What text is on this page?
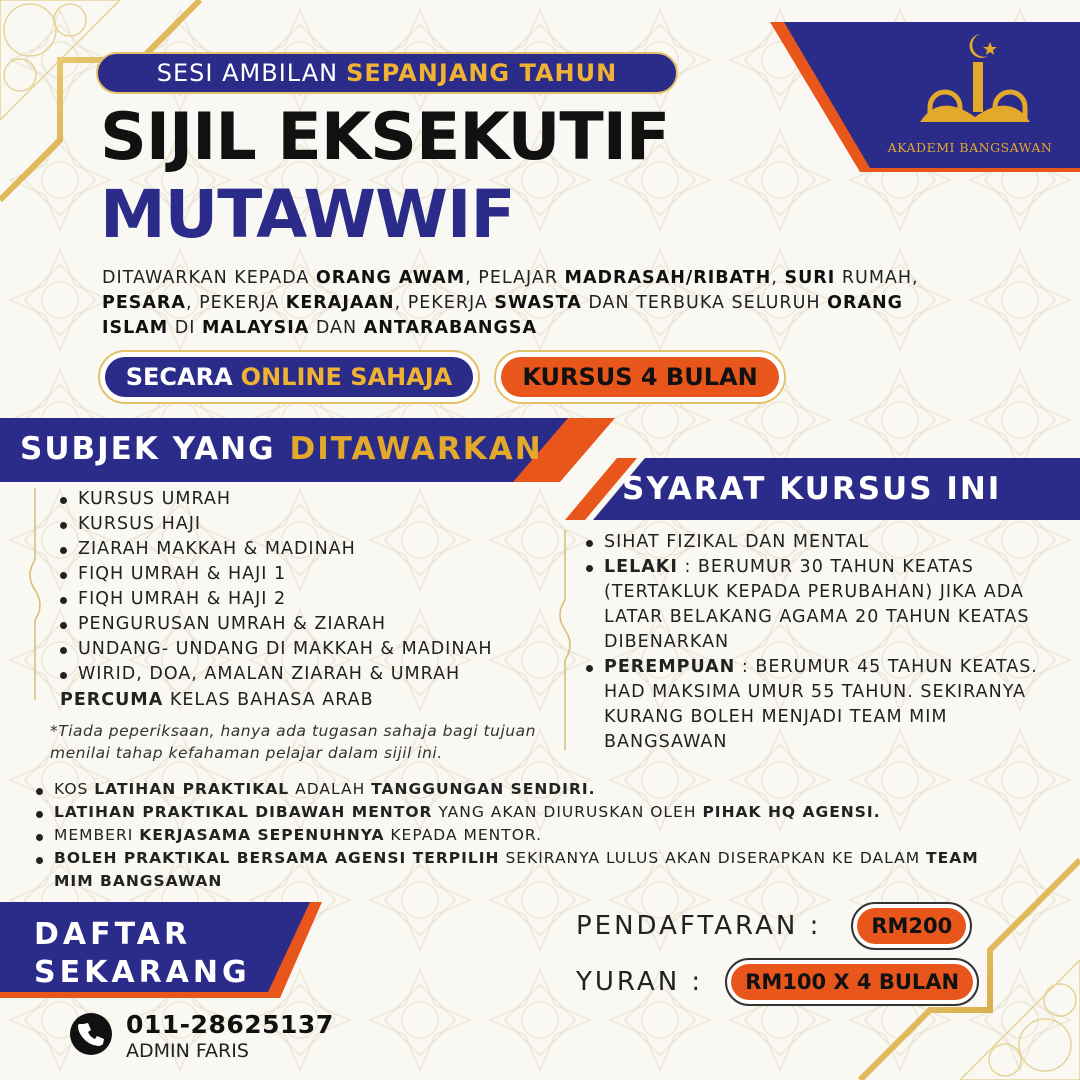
AKADEMI BANGSAWAN
SESI AMBILAN SEPANJANG TAHUN
SIJIL EKSEKUTIF
MUTAWWIF
DITAWARKAN KEPADA ORANG AWAM, PELAJAR MADRASAH/RIBATH, SURI RUMAH, PESARA, PEKERJA KERAJAAN, PEKERJA SWASTA DAN TERBUKA SELURUH ORANG ISLAM DI MALAYSIA DAN ANTARABANGSA
SECARA ONLINE SAHAJA	KURSUS 4 BULAN
SUBJEK YANG DITAWARKAN
SYARAT KURSUS INI
KURSUS UMRAH
KURSUS HAJI
ZIARAH MAKKAH & MADINAH
FIQH UMRAH & HAJI 1
FIQH UMRAH & HAJI 2
PENGURUSAN UMRAH & ZIARAH
UNDANG- UNDANG DI MAKKAH & MADINAH
WIRID, DOA, AMALAN ZIARAH & UMRAH
PERCUMA KELAS BAHASA ARAB
*Tiada peperiksaan, hanya ada tugasan sahaja bagi tujuan menilai tahap kefahaman pelajar dalam sijil ini.
SIHAT FIZIKAL DAN MENTAL
LELAKI : BERUMUR 30 TAHUN KEATAS (TERTAKLUK KEPADA PERUBAHAN) JIKA ADA LATAR BELAKANG AGAMA 20 TAHUN KEATAS DIBENARKAN
PEREMPUAN : BERUMUR 45 TAHUN KEATAS. HAD MAKSIMA UMUR 55 TAHUN. SEKIRANYA KURANG BOLEH MENJADI TEAM MIM BANGSAWAN
KOS LATIHAN PRAKTIKAL ADALAH TANGGUNGAN SENDIRI.
LATIHAN PRAKTIKAL DIBAWAH MENTOR YANG AKAN DIURUSKAN OLEH PIHAK HQ AGENSI.
MEMBERI KERJASAMA SEPENUHNYA KEPADA MENTOR.
BOLEH PRAKTIKAL BERSAMA AGENSI TERPILIH SEKIRANYA LULUS AKAN DISERAPKAN KE DALAM TEAM MIM BANGSAWAN
DAFTAR
SEKARANG
011-28625137
ADMIN FARIS
PENDAFTARAN :	RM200
YURAN :	RM100 X 4 BULAN
